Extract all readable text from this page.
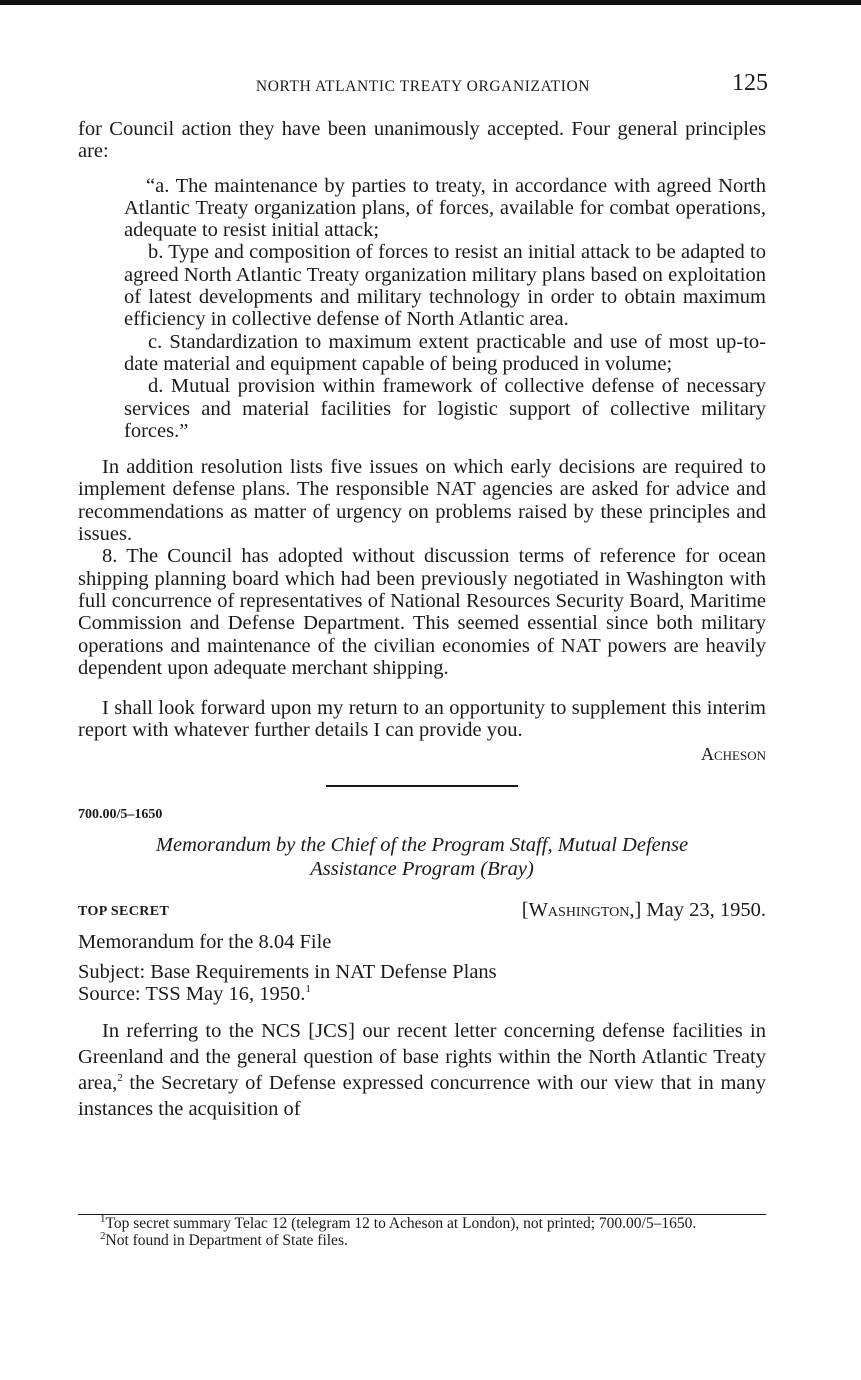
NORTH ATLANTIC TREATY ORGANIZATION	125

for Council action they have been unanimously accepted. Four general principles are:

“a. The maintenance by parties to treaty, in accordance with agreed North Atlantic Treaty organization plans, of forces, available for combat operations, adequate to resist initial attack;

b. Type and composition of forces to resist an initial attack to be adapted to agreed North Atlantic Treaty organization military plans based on exploitation of latest developments and military technology in order to obtain maximum efficiency in collective defense of North Atlantic area.

c. Standardization to maximum extent practicable and use of most up-to-date material and equipment capable of being produced in volume;

d. Mutual provision within framework of collective defense of necessary services and material facilities for logistic support of collective military forces.”

In addition resolution lists five issues on which early decisions are required to implement defense plans. The responsible NAT agencies are asked for advice and recommendations as matter of urgency on problems raised by these principles and issues.

8. The Council has adopted without discussion terms of reference for ocean shipping planning board which had been previously negotiated in Washington with full concurrence of representatives of National Resources Security Board, Maritime Commission and Defense Department. This seemed essential since both military operations and maintenance of the civilian economies of NAT powers are heavily dependent upon adequate merchant shipping.

I shall look forward upon my return to an opportunity to supplement this interim report with whatever further details I can provide you.

Acheson
700.00/5–1650
Memorandum by the Chief of the Program Staff, Mutual Defense
Assistance Program (Bray)
TOP SECRET	[Washington,] May 23, 1950.

Memorandum for the 8.04 File

Subject: Base Requirements in NAT Defense Plans

Source: TSS May 16, 1950.$^1$

In referring to the NCS [JCS] our recent letter concerning defense facilities in Greenland and the general question of base rights within the North Atlantic Treaty area,$^2$ the Secretary of Defense expressed concurrence with our view that in many instances the acquisition of

$^1$Top secret summary Telac 12 (telegram 12 to Acheson at London), not printed; 700.00/5–1650.

$^2$Not found in Department of State files.
